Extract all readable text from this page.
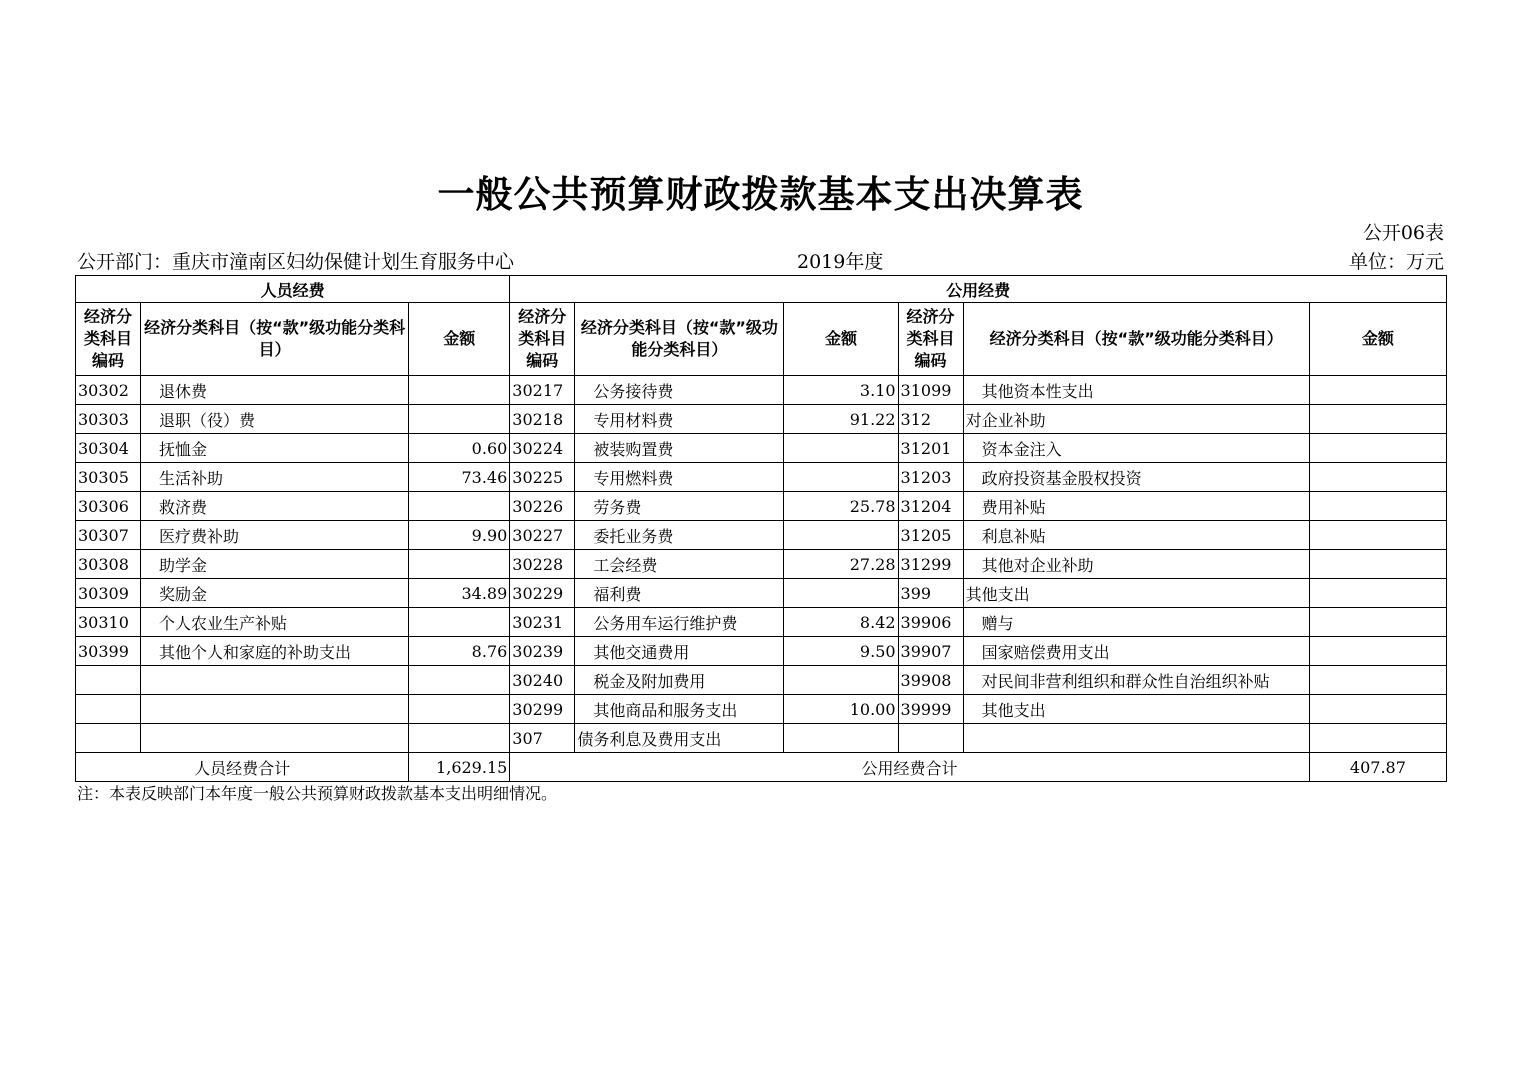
一般公共预算财政拨款基本支出决算表
公开06表
公开部门：重庆市潼南区妇幼保健计划生育服务中心	2019年度	单位：万元
人员经费			公用经费					
经济分类科目编码	经济分类科目（按“款”级功能分类科目）	金额	经济分类科目编码	经济分类科目（按“款”级功能分类科目）	金额	经济分类科目编码	经济分类科目（按“款”级功能分类科目）	金额
30302	退休费		30217	公务接待费	3.10	31099	其他资本性支出	
30303	退职（役）费		30218	专用材料费	91.22	312	对企业补助	
30304	抚恤金	0.60	30224	被装购置费		31201	资本金注入	
30305	生活补助	73.46	30225	专用燃料费		31203	政府投资基金股权投资	
30306	救济费		30226	劳务费	25.78	31204	费用补贴	
30307	医疗费补助	9.90	30227	委托业务费		31205	利息补贴	
30308	助学金		30228	工会经费	27.28	31299	其他对企业补助	
30309	奖励金	34.89	30229	福利费		399	其他支出	
30310	个人农业生产补贴		30231	公务用车运行维护费	8.42	39906	赠与	
30399	其他个人和家庭的补助支出	8.76	30239	其他交通费用	9.50	39907	国家赔偿费用支出	
			30240	税金及附加费用		39908	对民间非营利组织和群众性自治组织补贴	
			30299	其他商品和服务支出	10.00	39999	其他支出	
			307	债务利息及费用支出				
人员经费合计		1,629.15	公用经费合计					407.87
注：本表反映部门本年度一般公共预算财政拨款基本支出明细情况。
